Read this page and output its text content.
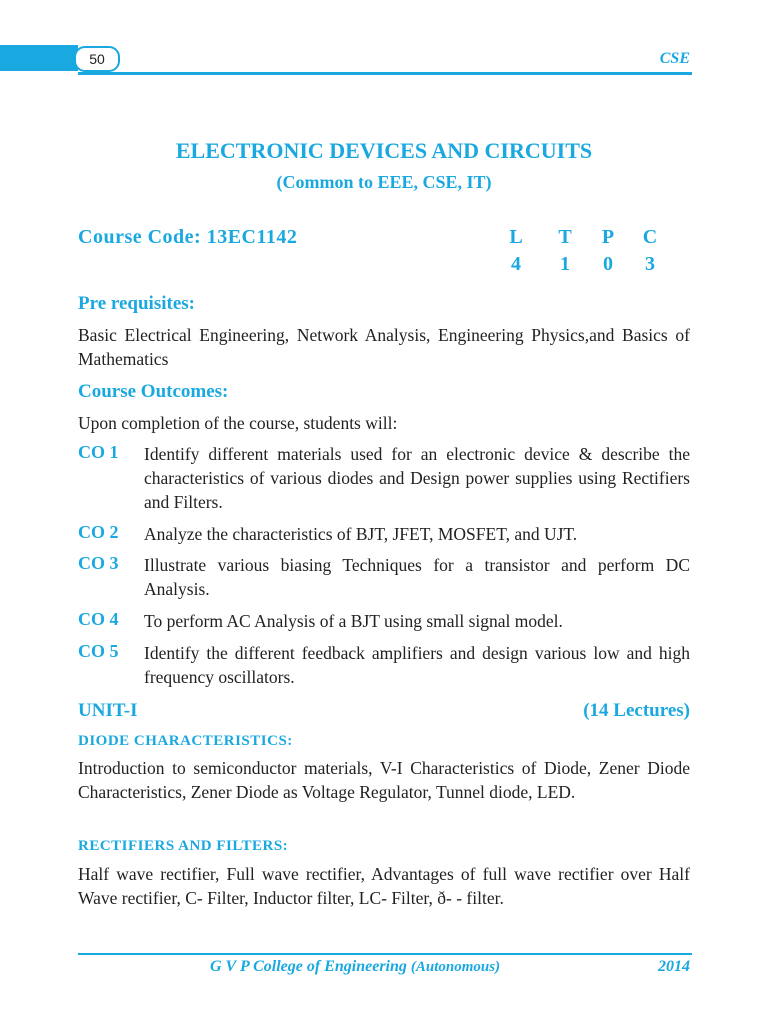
50	CSE
ELECTRONIC DEVICES AND CIRCUITS
(Common to EEE, CSE, IT)
Course Code: 13EC1142	L T P C
4 1 0 3
Pre requisites:
Basic Electrical Engineering, Network Analysis, Engineering Physics,and Basics of Mathematics
Course Outcomes:
Upon completion of the course, students will:
CO 1 Identify different materials used for an electronic device & describe the characteristics of various diodes and Design power supplies using Rectifiers and Filters.
CO 2 Analyze the characteristics of BJT, JFET, MOSFET, and UJT.
CO 3 Illustrate various biasing Techniques for a transistor and perform DC Analysis.
CO 4 To perform AC Analysis of a BJT using small signal model.
CO 5 Identify the different feedback amplifiers and design various low and high frequency oscillators.
UNIT-I	(14 Lectures)
DIODE CHARACTERISTICS:
Introduction to semiconductor materials, V-I Characteristics of Diode, Zener Diode Characteristics, Zener Diode as Voltage Regulator, Tunnel diode, LED.
RECTIFIERS AND FILTERS:
Half wave rectifier, Full wave rectifier, Advantages of full wave rectifier over Half Wave rectifier, C- Filter, Inductor filter, LC- Filter, ð- - filter.
G V P College of Engineering (Autonomous)	2014
